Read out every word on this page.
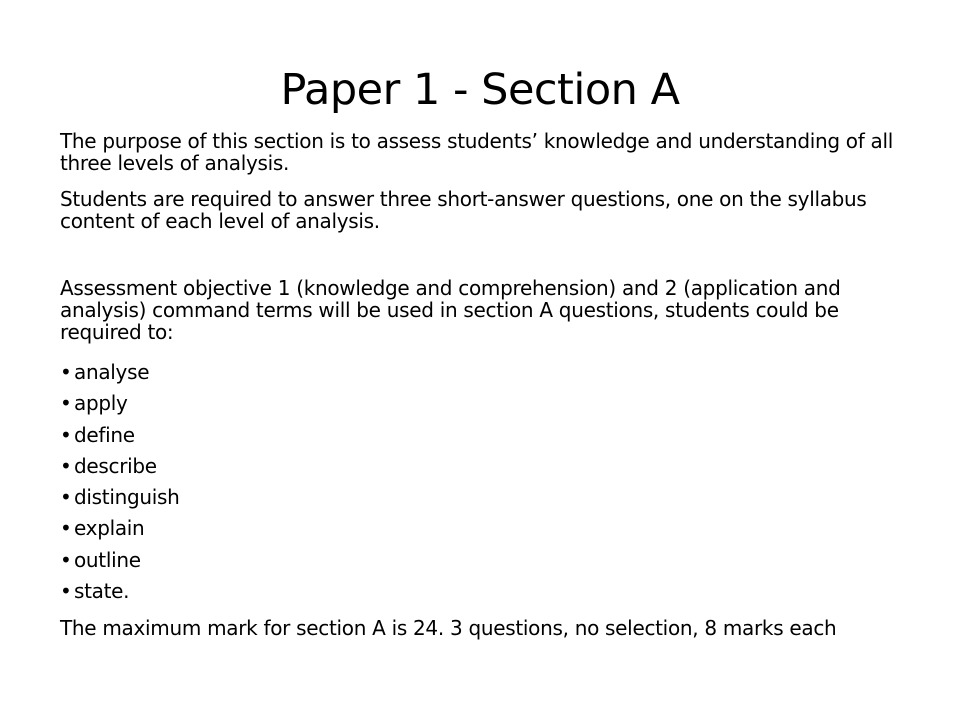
Paper 1 - Section A

The purpose of this section is to assess students’ knowledge and understanding of all three levels of analysis.

Students are required to answer three short-answer questions, one on the syllabus content of each level of analysis.

Assessment objective 1 (knowledge and comprehension) and 2 (application and analysis) command terms will be used in section A questions, students could be required to:

• analyse
• apply
• define
• describe
• distinguish
• explain
• outline
• state.

The maximum mark for section A is 24. 3 questions, no selection, 8 marks each
